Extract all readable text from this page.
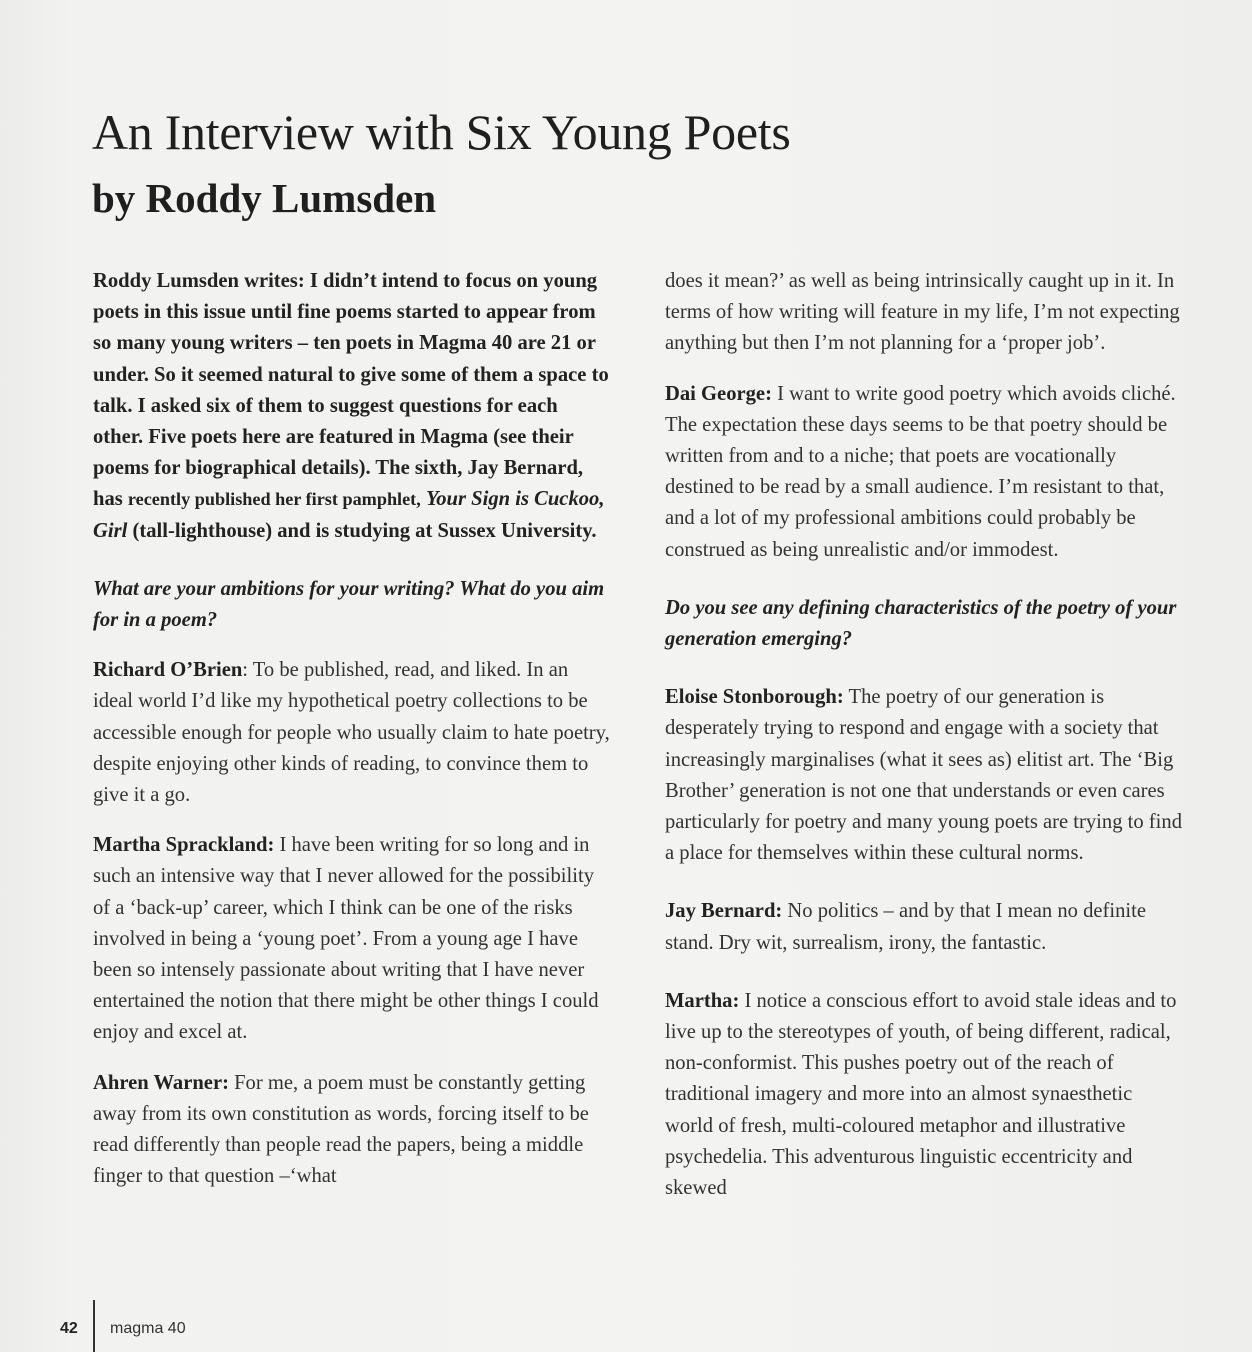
An Interview with Six Young Poets
by Roddy Lumsden

Roddy Lumsden writes: I didn’t intend to focus on young poets in this issue until fine poems started to appear from so many young writers – ten poets in Magma 40 are 21 or under. So it seemed natural to give some of them a space to talk. I asked six of them to suggest questions for each other. Five poets here are featured in Magma (see their poems for biographical details). The sixth, Jay Bernard, has recently published her first pamphlet, Your Sign is Cuckoo, Girl (tall-lighthouse) and is studying at Sussex University.

What are your ambitions for your writing? What do you aim for in a poem?

Richard O’Brien: To be published, read, and liked. In an ideal world I’d like my hypothetical poetry collections to be accessible enough for people who usually claim to hate poetry, despite enjoying other kinds of reading, to convince them to give it a go.

Martha Sprackland: I have been writing for so long and in such an intensive way that I never allowed for the possibility of a ‘back-up’ career, which I think can be one of the risks involved in being a ‘young poet’. From a young age I have been so intensely passionate about writing that I have never entertained the notion that there might be other things I could enjoy and excel at.

Ahren Warner: For me, a poem must be constantly getting away from its own constitution as words, forcing itself to be read differently than people read the papers, being a middle finger to that question –‘what

does it mean?’ as well as being intrinsically caught up in it. In terms of how writing will feature in my life, I’m not expecting anything but then I’m not planning for a ‘proper job’.

Dai George: I want to write good poetry which avoids cliché. The expectation these days seems to be that poetry should be written from and to a niche; that poets are vocationally destined to be read by a small audience. I’m resistant to that, and a lot of my professional ambitions could probably be construed as being unrealistic and/or immodest.

Do you see any defining characteristics of the poetry of your generation emerging?

Eloise Stonborough: The poetry of our generation is desperately trying to respond and engage with a society that increasingly marginalises (what it sees as) elitist art. The ‘Big Brother’ generation is not one that understands or even cares particularly for poetry and many young poets are trying to find a place for themselves within these cultural norms.

Jay Bernard: No politics – and by that I mean no definite stand. Dry wit, surrealism, irony, the fantastic.

Martha: I notice a conscious effort to avoid stale ideas and to live up to the stereotypes of youth, of being different, radical, non-conformist. This pushes poetry out of the reach of traditional imagery and more into an almost synaesthetic world of fresh, multi-coloured metaphor and illustrative psychedelia. This adventurous linguistic eccentricity and skewed

42 magma 40
